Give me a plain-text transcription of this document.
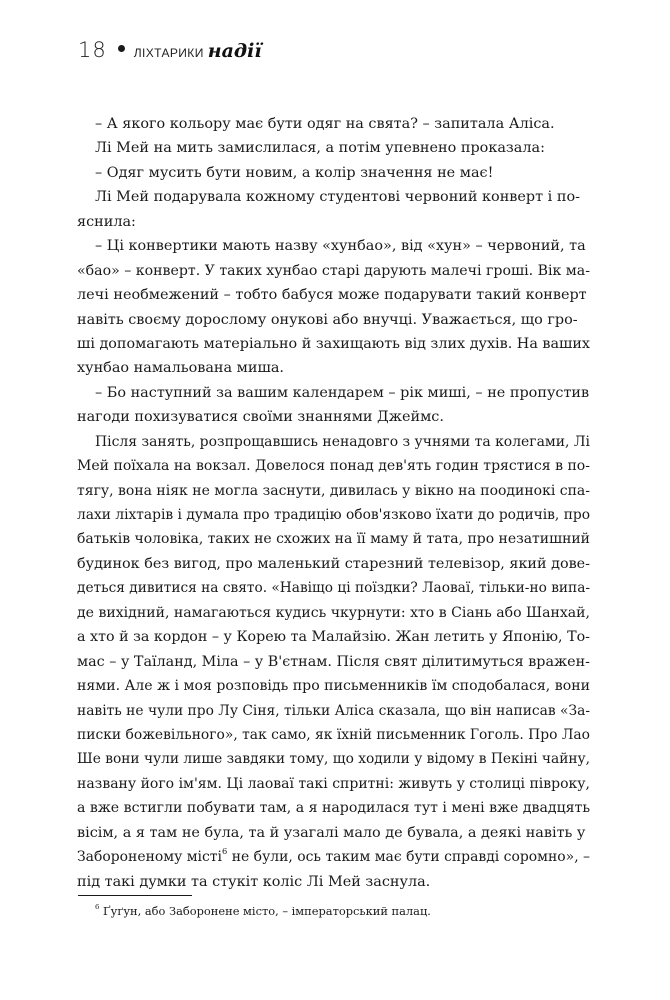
18 ЛІХТАРИКИ надії
– А якого кольору має бути одяг на свята? – запитала Аліса.
Лі Мей на мить замислилася, а потім упевнено проказала:
– Одяг мусить бути новим, а колір значення не має!
Лі Мей подарувала кожному студентові червоний конверт і по-
яснила:
– Ці конвертики мають назву «хунбао», від «хун» – червоний, та
«бао» – конверт. У таких хунбао старі дарують малечі гроші. Вік ма-
лечі необмежений – тобто бабуся може подарувати такий конверт
навіть своєму дорослому онукові або внучці. Уважається, що гро-
ші допомагають матеріально й захищають від злих духів. На ваших
хунбао намальована миша.
– Бо наступний за вашим календарем – рік миші, – не пропустив
нагоди похизуватися своїми знаннями Джеймс.
Після занять, розпрощавшись ненадовго з учнями та колегами, Лі
Мей поїхала на вокзал. Довелося понад дев'ять годин трястися в по-
тягу, вона ніяк не могла заснути, дивилась у вікно на поодинокі спа-
лахи ліхтарів і думала про традицію обов'язково їхати до родичів, про
батьків чоловіка, таких не схожих на її маму й тата, про незатишний
будинок без вигод, про маленький старезний телевізор, який дове-
деться дивитися на свято. «Навіщо ці поїздки? Лаоваї, тільки-но випа-
де вихідний, намагаються кудись чкурнути: хто в Сіань або Шанхай,
а хто й за кордон – у Корею та Малайзію. Жан летить у Японію, То-
мас – у Таїланд, Міла – у В'єтнам. Після свят ділитимуться вражен-
нями. Але ж і моя розповідь про письменників їм сподобалася, вони
навіть не чули про Лу Сіня, тільки Аліса сказала, що він написав «За-
писки божевільного», так само, як їхній письменник Гоголь. Про Лао
Ше вони чули лише завдяки тому, що ходили у відому в Пекіні чайну,
названу його ім'ям. Ці лаоваї такі спритні: живуть у столиці півроку,
а вже встигли побувати там, а я народилася тут і мені вже двадцять
вісім, а я там не була, та й узагалі мало де бувала, а деякі навіть у
Забороненому місті$^6$ не були, ось таким має бути справді соромно», –
під такі думки та стукіт коліс Лі Мей заснула.
$^6$ Ґуґун, або Заборонене місто, – імператорський палац.
